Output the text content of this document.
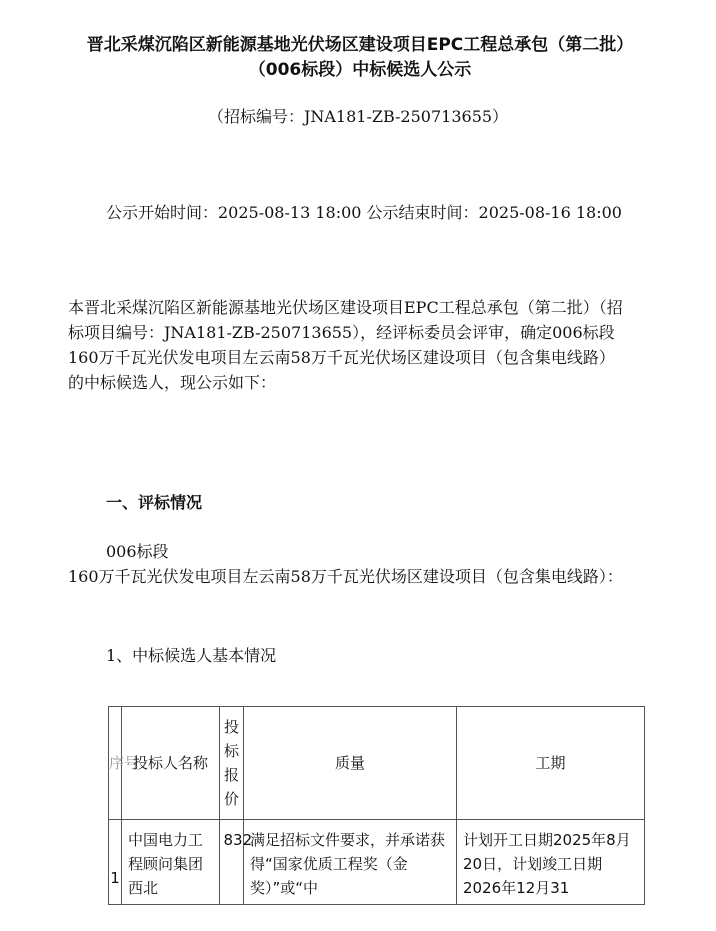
晋北采煤沉陷区新能源基地光伏场区建设项目EPC工程总承包（第二批）（006标段）中标候选人公示
（招标编号：JNA181-ZB-250713655）
公示开始时间：2025-08-13 18:00 公示结束时间：2025-08-16 18:00
本晋北采煤沉陷区新能源基地光伏场区建设项目EPC工程总承包（第二批）（招标项目编号：JNA181-ZB-250713655），经评标委员会评审，确定006标段160万千瓦光伏发电项目左云南58万千瓦光伏场区建设项目（包含集电线路）的中标候选人，现公示如下：
一、评标情况
006标段
160万千瓦光伏发电项目左云南58万千瓦光伏场区建设项目（包含集电线路）：
1、中标候选人基本情况
序号	投标人名称	投标报价	质量	工期

1	中国电力工程顾问集团西北	832	满足招标文件要求，并承诺获得“国家优质工程奖（金奖）”或“中	计划开工日期2025年8月20日，计划竣工日期2026年12月31
